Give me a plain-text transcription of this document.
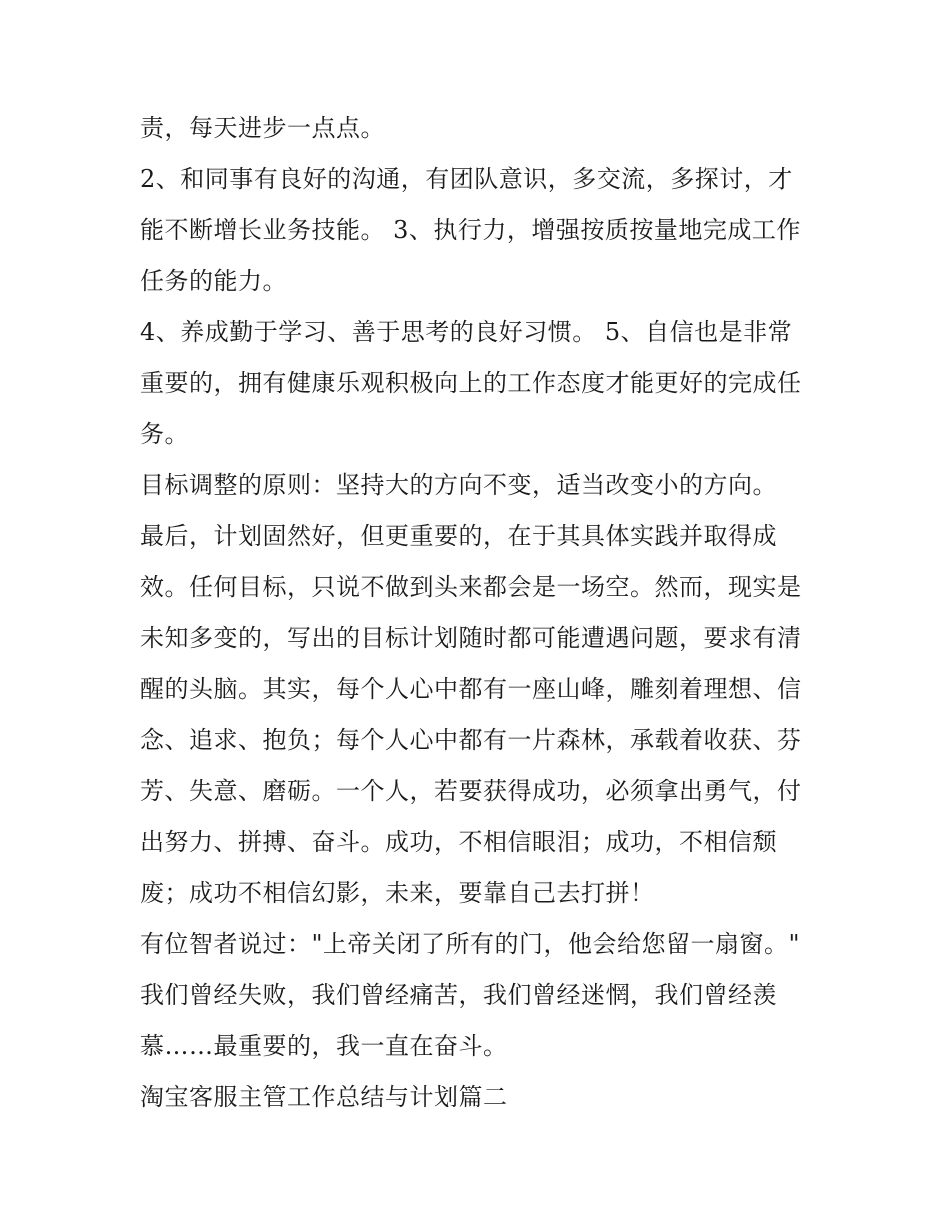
责，每天进步一点点。
2、和同事有良好的沟通，有团队意识，多交流，多探讨，才
能不断增长业务技能。 3、执行力，增强按质按量地完成工作
任务的能力。
4、养成勤于学习、善于思考的良好习惯。 5、自信也是非常
重要的，拥有健康乐观积极向上的工作态度才能更好的完成任
务。
目标调整的原则：坚持大的方向不变，适当改变小的方向。
最后，计划固然好，但更重要的，在于其具体实践并取得成
效。任何目标，只说不做到头来都会是一场空。然而，现实是
未知多变的，写出的目标计划随时都可能遭遇问题，要求有清
醒的头脑。其实，每个人心中都有一座山峰，雕刻着理想、信
念、追求、抱负；每个人心中都有一片森林，承载着收获、芬
芳、失意、磨砺。一个人，若要获得成功，必须拿出勇气，付
出努力、拼搏、奋斗。成功，不相信眼泪；成功，不相信颓
废；成功不相信幻影，未来，要靠自己去打拼！
有位智者说过："上帝关闭了所有的门，他会给您留一扇窗。"
我们曾经失败，我们曾经痛苦，我们曾经迷惘，我们曾经羡
慕……最重要的，我一直在奋斗。
淘宝客服主管工作总结与计划篇二
